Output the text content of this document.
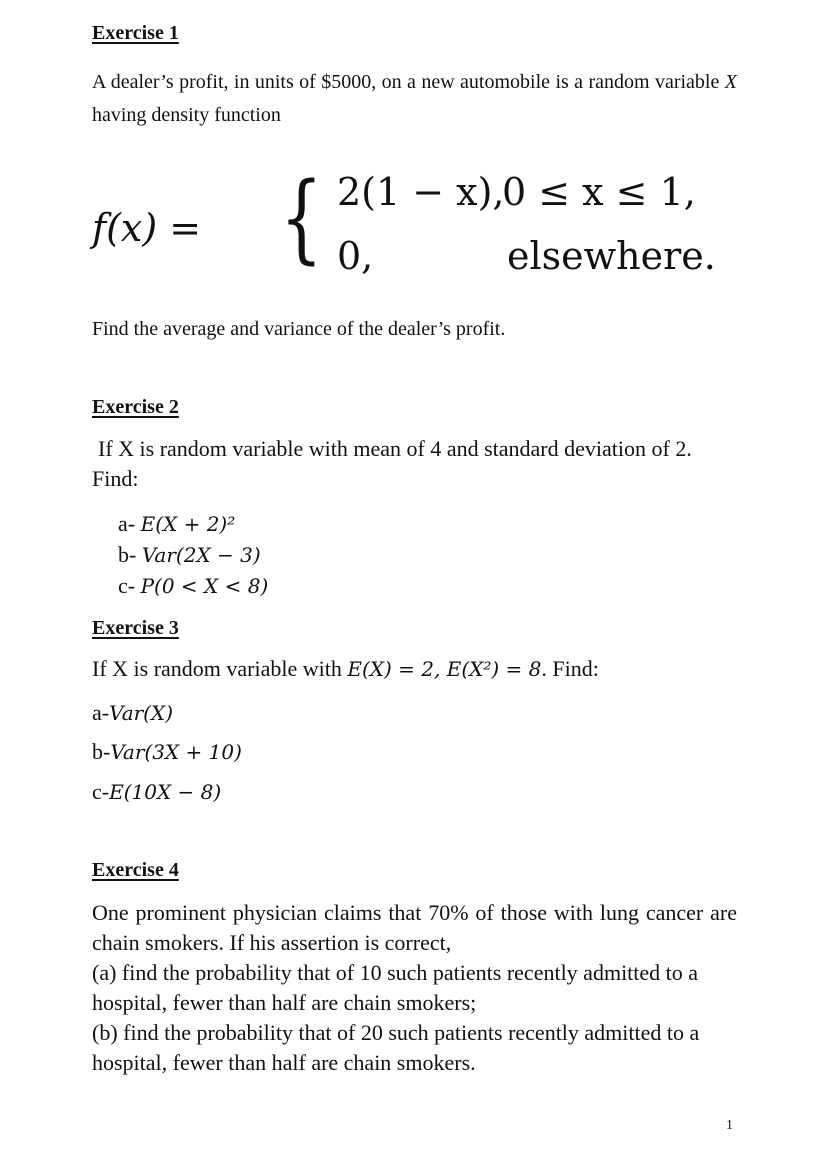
Exercise 1

A dealer’s profit, in units of $5000, on a new automobile is a random variable X having density function

f(x) = { 2(1 − x),
0 ≤ x ≤ 1,
0,	elsewhere.

Find the average and variance of the dealer’s profit.

Exercise 2

If X is random variable with mean of 4 and standard deviation of 2. Find:

a- E(X + 2)²
b- Var(2X − 3)
c- P(0 < X < 8)
Exercise 3

If X is random variable with E(X) = 2, E(X²) = 8. Find:

a-Var(X)
b-Var(3X + 10)
c-E(10X − 8)
Exercise 4

One prominent physician claims that 70% of those with lung cancer are chain smokers. If his assertion is correct,

(a) find the probability that of 10 such patients recently admitted to a hospital, fewer than half are chain smokers;

(b) find the probability that of 20 such patients recently admitted to a hospital, fewer than half are chain smokers.

1
